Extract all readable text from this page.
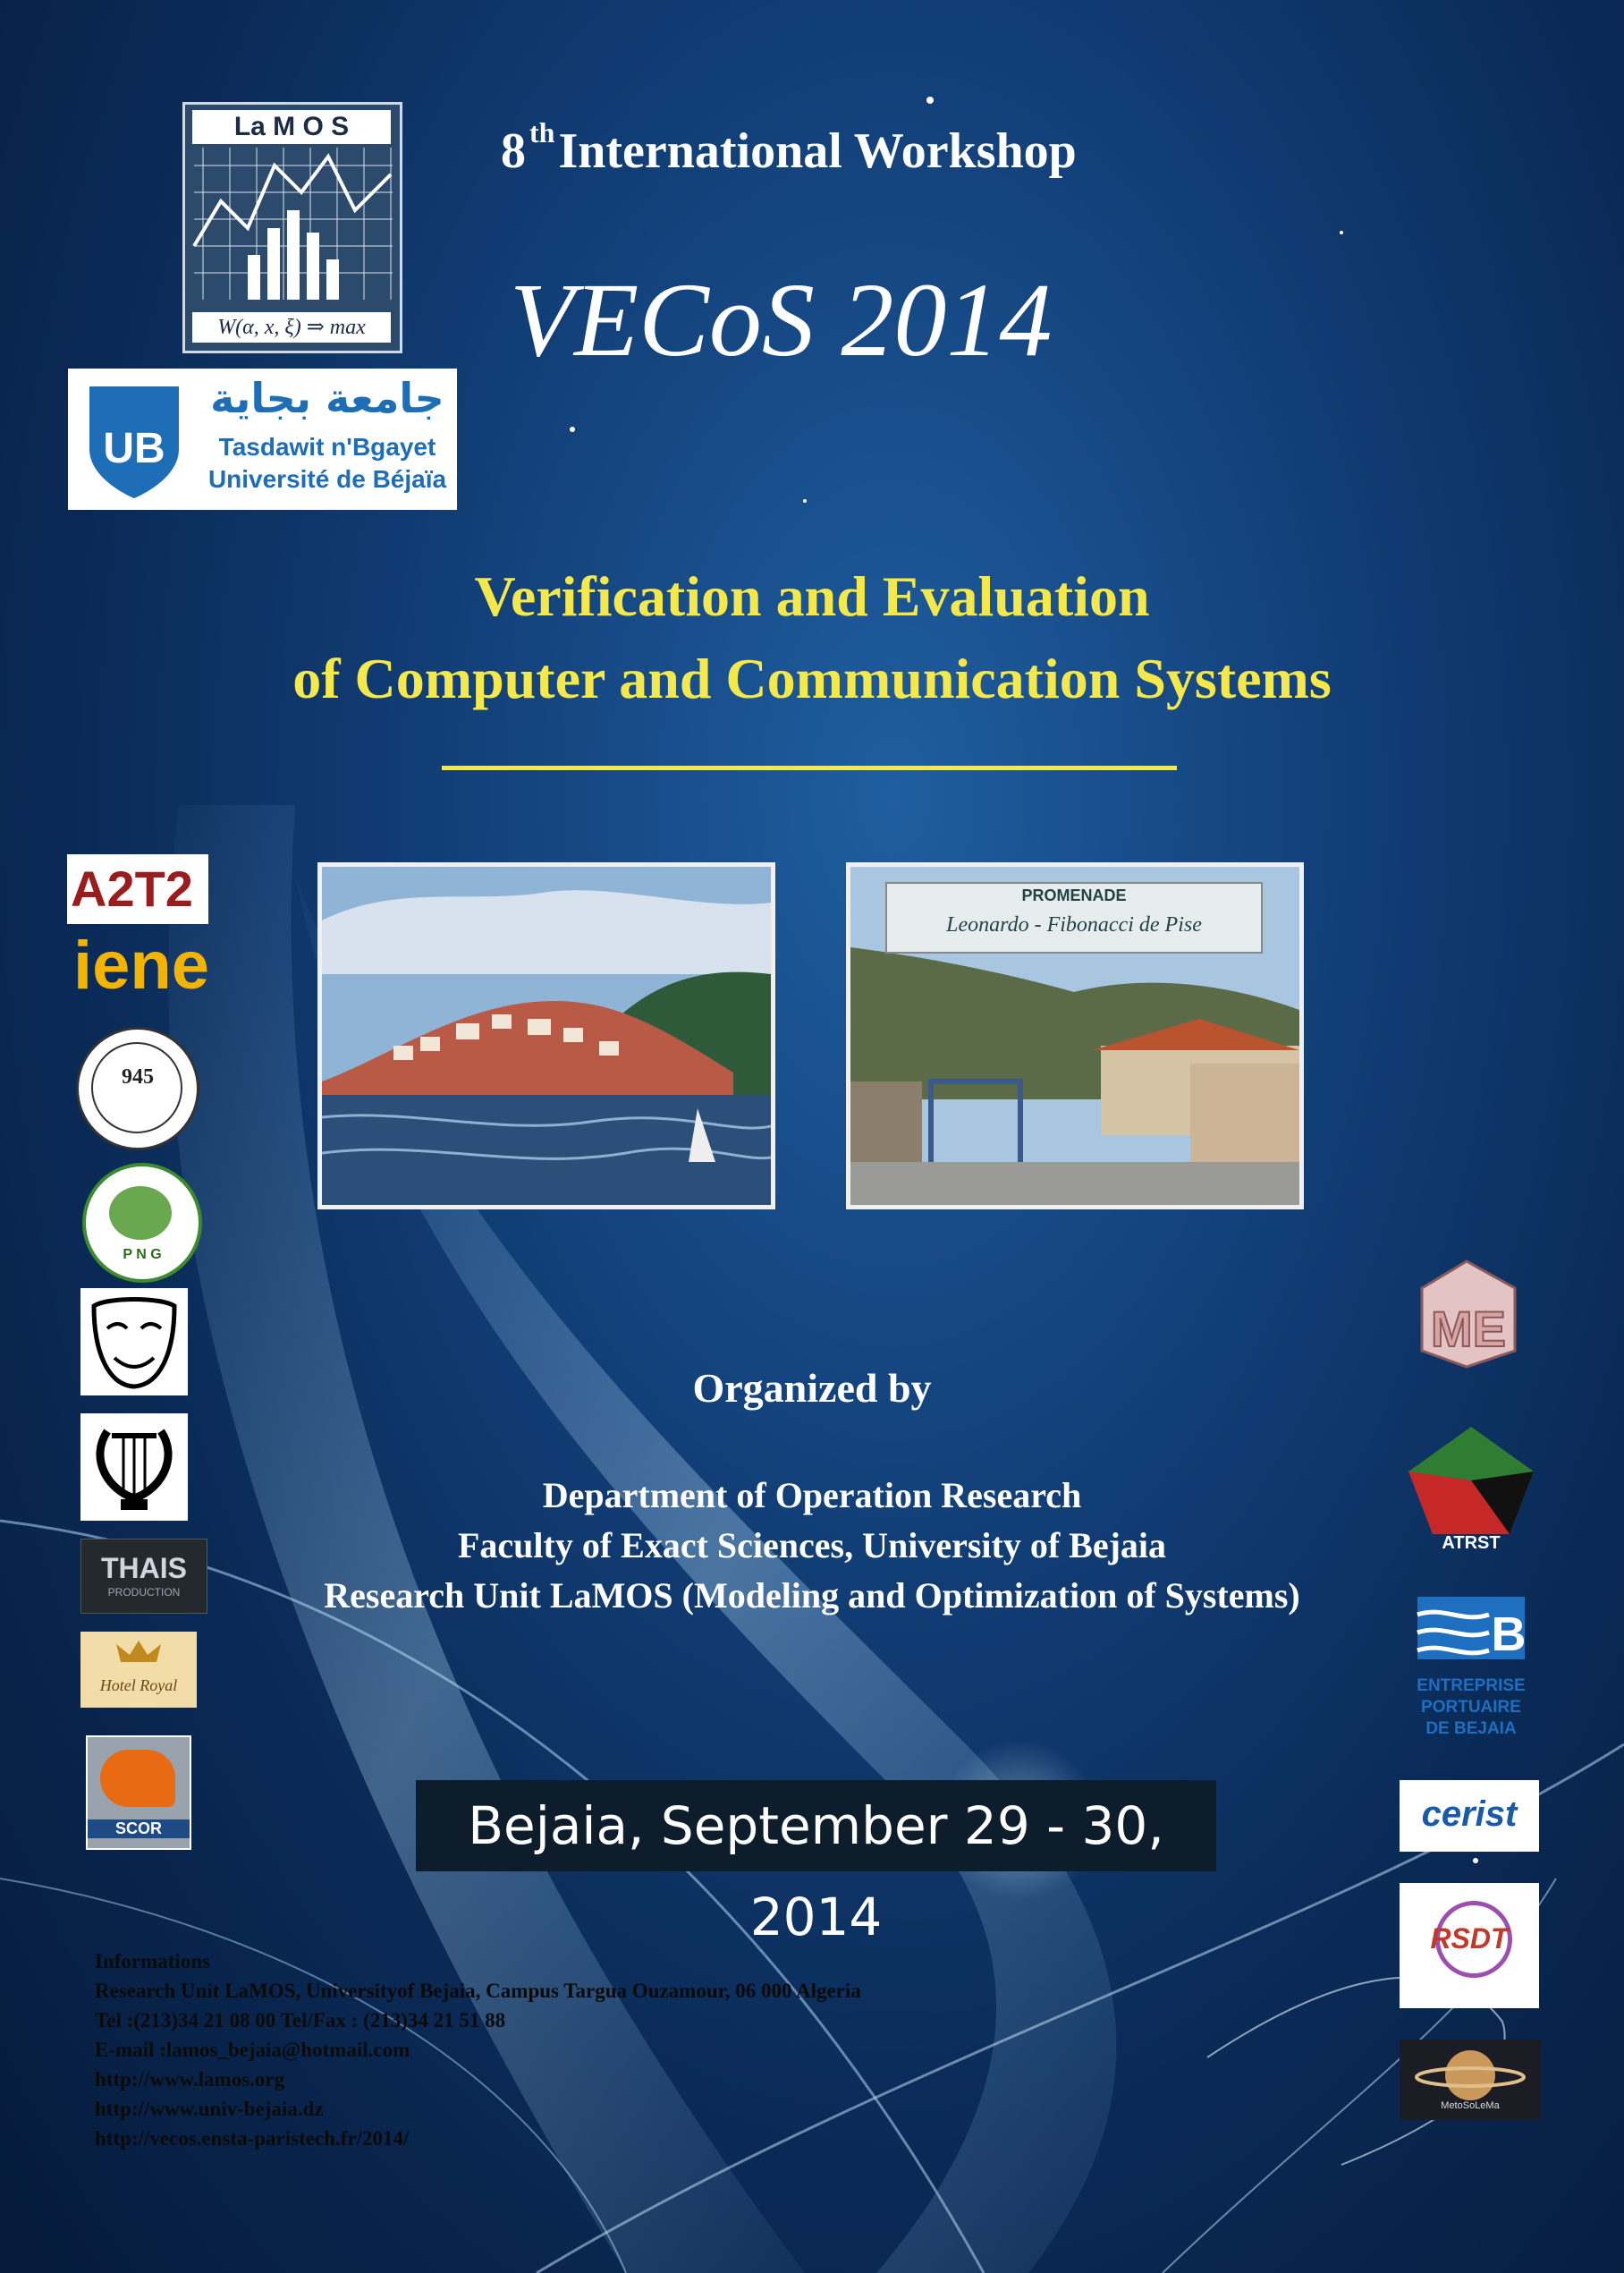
La M O S
W(α, x, ξ) ⇒ max
UB
جامعة بجاية
Tasdawit n'Bgayet
Université de Béjaïa
8 $^{th}$International Workshop
VECoS 2014
Verification and Evaluation
of Computer and Communication Systems
PROMENADE
Leonardo - Fibonacci de Pise
A2T2
iene
945
P N G
THAIS
PRODUCTION
Hotel Royal
SCOR
ME
ATRST
B
ENTREPRISE PORTUAIRE DE BEJAIA
cerist
RSDT
MetoSoLeMa
Organized by
Department of Operation Research
Faculty of Exact Sciences, University of Bejaia
Research Unit LaMOS (Modeling and Optimization of Systems)
Bejaia, September 29 - 30, 2014
Informations
Research Unit LaMOS, Universityof Bejaia, Campus Targua Ouzamour, 06 000 Algeria
Tel :(213)34 21 08 00 Tel/Fax : (213)34 21 51 88
E-mail :lamos_bejaia@hotmail.com
http://www.lamos.org
http://www.univ-bejaia.dz
http://vecos.ensta-paristech.fr/2014/
